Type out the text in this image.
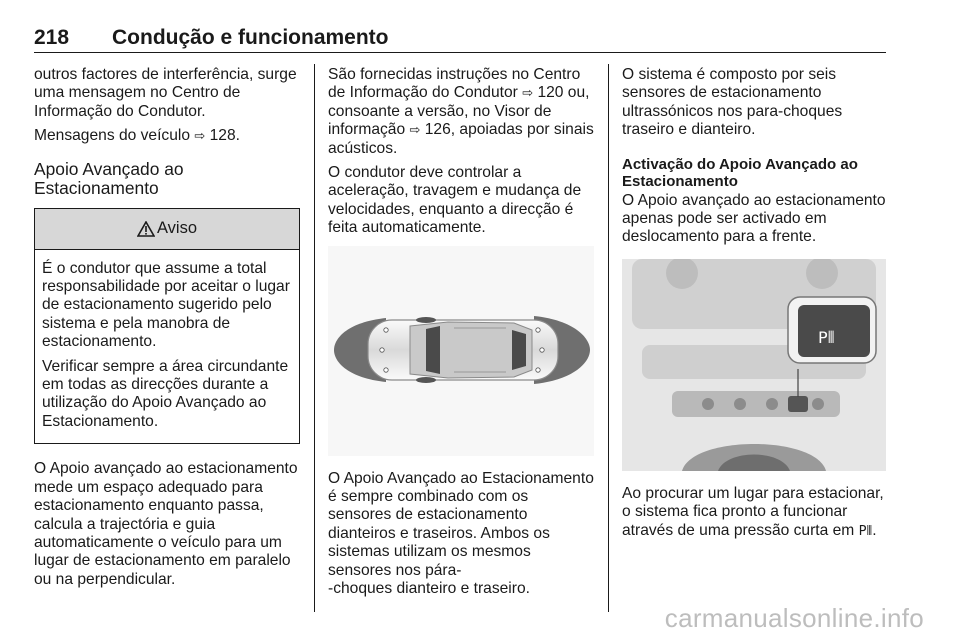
218 Condução e funcionamento

outros factores de interferência, surge uma mensagem no Centro de Informação do Condutor.

Mensagens do veículo ⇨ 128.

Apoio Avançado ao Estacionamento
Aviso

É o condutor que assume a total responsabilidade por aceitar o lugar de estacionamento sugerido pelo sistema e pela manobra de estacionamento.

Verificar sempre a área circundante em todas as direcções durante a utilização do Apoio Avançado ao Estacionamento.

O Apoio avançado ao estacionamento mede um espaço adequado para estacionamento enquanto passa, calcula a trajectória e guia automaticamente o veículo para um lugar de estacionamento em paralelo ou na perpendicular.

São fornecidas instruções no Centro de Informação do Condutor ⇨ 120 ou, consoante a versão, no Visor de informação ⇨ 126, apoiadas por sinais acústicos.

O condutor deve controlar a aceleração, travagem e mudança de velocidades, enquanto a direcção é feita automaticamente.

O Apoio Avançado ao Estacionamento é sempre combinado com os sensores de estacionamento dianteiros e traseiros. Ambos os sistemas utilizam os mesmos sensores nos pára-
-choques dianteiro e traseiro.

O sistema é composto por seis sensores de estacionamento ultrassónicos nos para-choques traseiro e dianteiro.

Activação do Apoio Avançado ao Estacionamento

O Apoio avançado ao estacionamento apenas pode ser activado em deslocamento para a frente.

P⦀

Ao procurar um lugar para estacionar, o sistema fica pronto a funcionar através de uma pressão curta em P⦀.

carmanualsonline.info
